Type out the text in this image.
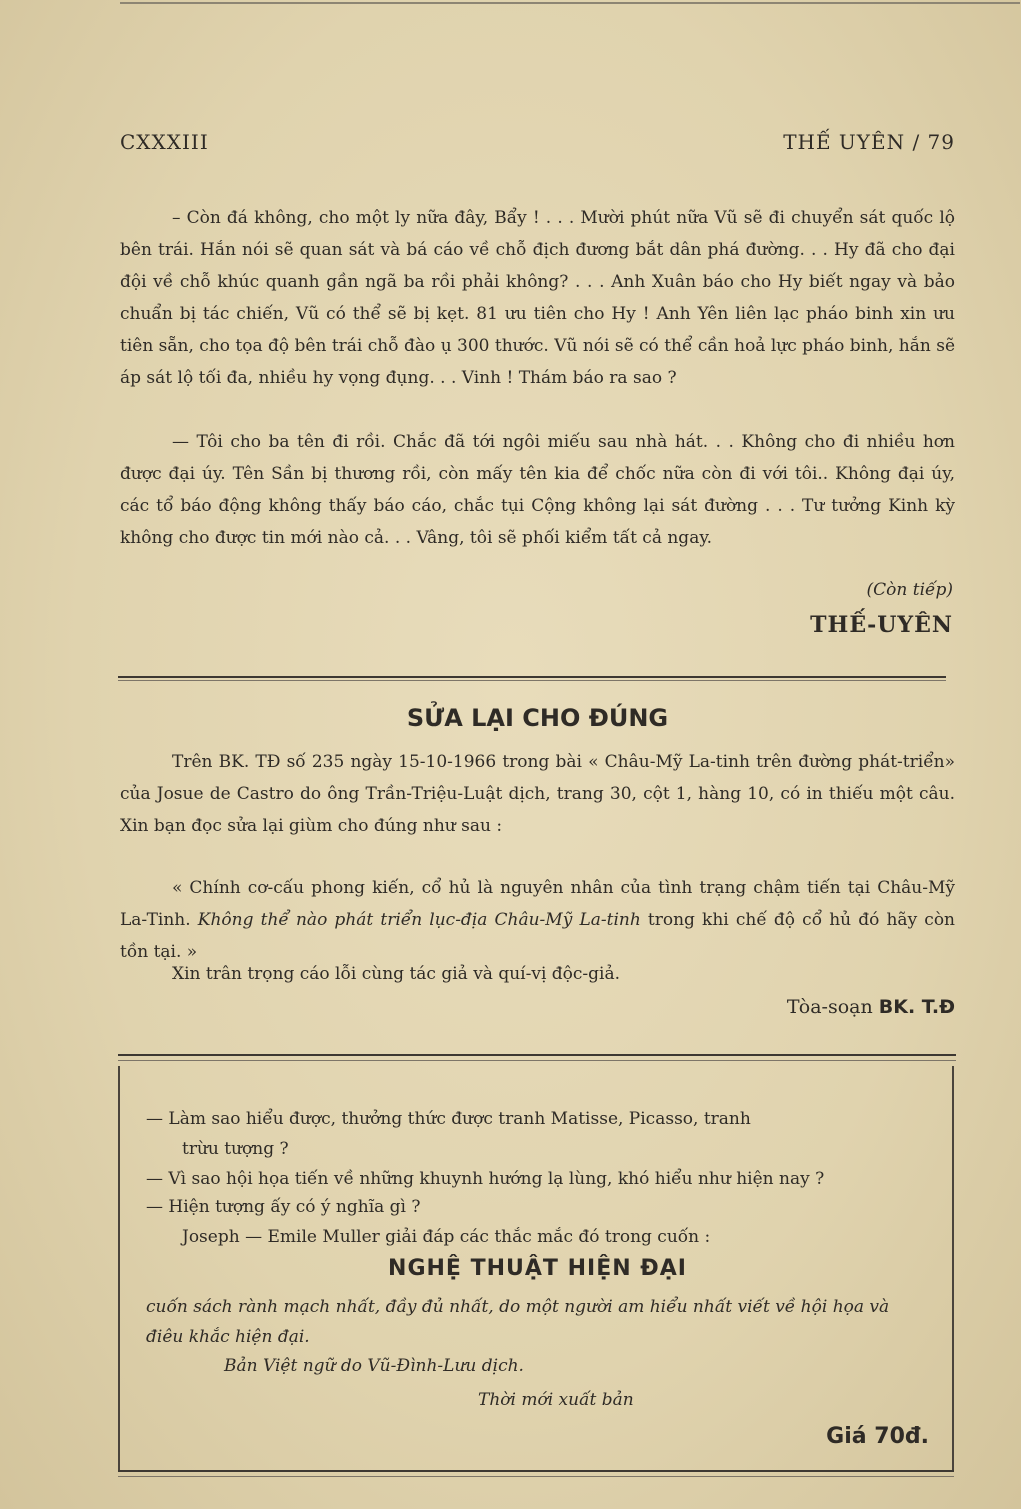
CXXXIII	THẾ UYÊN / 79
– Còn đá không, cho một ly nữa đây, Bẩy ! . . . Mười phút nữa Vũ sẽ đi chuyển sát quốc lộ bên trái. Hắn nói sẽ quan sát và bá cáo về chỗ địch đương bắt dân phá đường. . . Hy đã cho đại đội về chỗ khúc quanh gần ngã ba rồi phải không? . . . Anh Xuân báo cho Hy biết ngay và bảo chuẩn bị tác chiến, Vũ có thể sẽ bị kẹt. 81 ưu tiên cho Hy ! Anh Yên liên lạc pháo binh xin ưu tiên sẵn, cho tọa độ bên trái chỗ đào ụ 300 thước. Vũ nói sẽ có thể cần hoả lực pháo binh, hắn sẽ áp sát lộ tối đa, nhiều hy vọng đụng. . . Vinh ! Thám báo ra sao ?
— Tôi cho ba tên đi rồi. Chắc đã tới ngôi miếu sau nhà hát. . . Không cho đi nhiều hơn được đại úy. Tên Sần bị thương rồi, còn mấy tên kia để chốc nữa còn đi với tôi.. Không đại úy, các tổ báo động không thấy báo cáo, chắc tụi Cộng không lại sát đường . . . Tư tưởng Kinh kỳ không cho được tin mới nào cả. . . Vâng, tôi sẽ phối kiểm tất cả ngay.
(Còn tiếp)
THẾ-UYÊN
SỬA LẠI CHO ĐÚNG
Trên BK. TĐ số 235 ngày 15-10-1966 trong bài « Châu-Mỹ La-tinh trên đường phát-triển» của Josue de Castro do ông Trần-Triệu-Luật dịch, trang 30, cột 1, hàng 10, có in thiếu một câu. Xin bạn đọc sửa lại giùm cho đúng như sau :
« Chính cơ-cấu phong kiến, cổ hủ là nguyên nhân của tình trạng chậm tiến tại Châu-Mỹ La-Tinh. Không thể nào phát triển lục-địa Châu-Mỹ La-tinh trong khi chế độ cổ hủ đó hãy còn tồn tại. »
Xin trân trọng cáo lỗi cùng tác giả và quí-vị độc-giả.
Tòa-soạn BK. T.Đ
— Làm sao hiểu được, thưởng thức được tranh Matisse, Picasso, tranh
trừu tượng ?
— Vì sao hội họa tiến về những khuynh hướng lạ lùng, khó hiểu như hiện nay ?
— Hiện tượng ấy có ý nghĩa gì ?
Joseph — Emile Muller giải đáp các thắc mắc đó trong cuốn :
NGHỆ THUẬT HIỆN ĐẠI
cuốn sách rành mạch nhất, đầy đủ nhất, do một người am hiểu nhất viết về hội họa và điêu khắc hiện đại.
Bản Việt ngữ do Vũ-Đình-Lưu dịch.
Thời mới xuất bản
Giá 70đ.
